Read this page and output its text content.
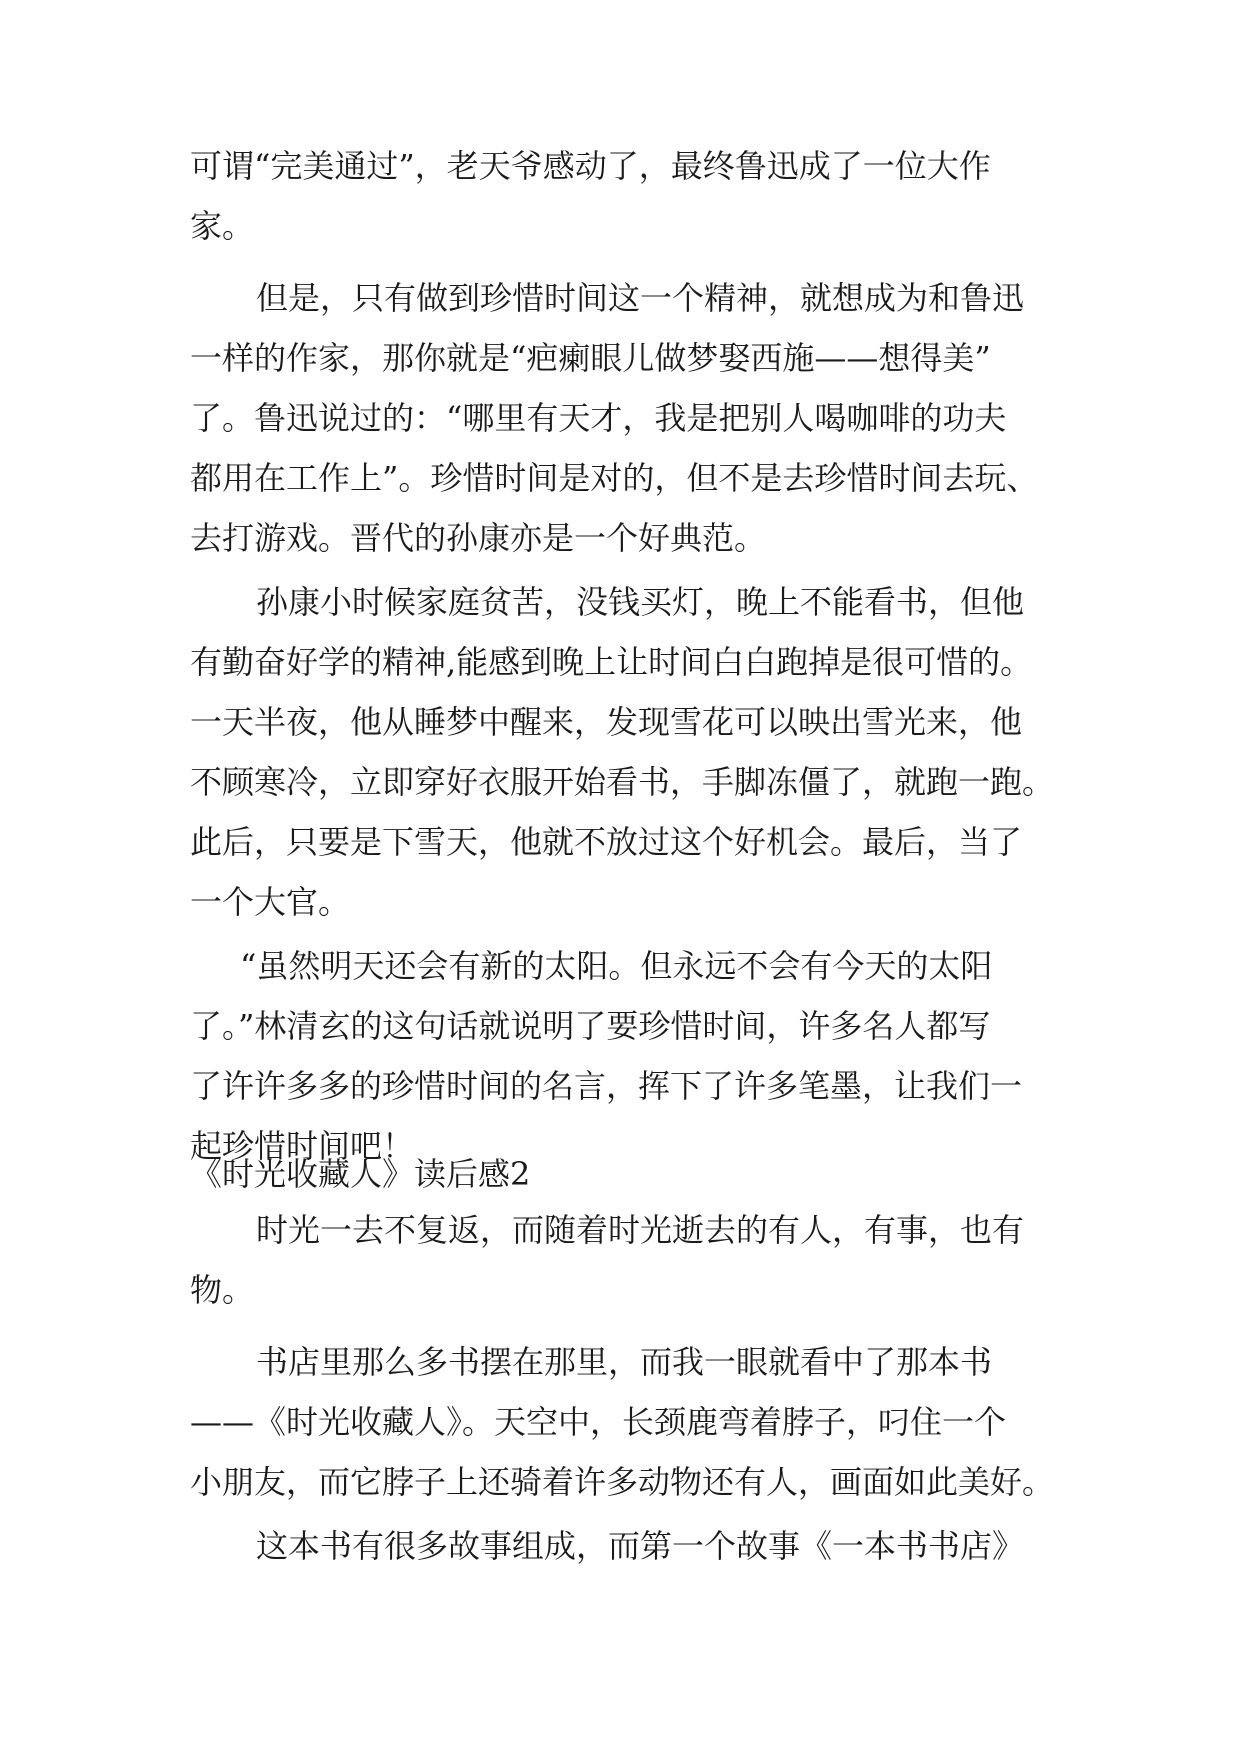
可谓“完美通过”，老天爷感动了，最终鲁迅成了一位大作
家。
但是，只有做到珍惜时间这一个精神，就想成为和鲁迅
一样的作家，那你就是“疤瘌眼儿做梦娶西施——想得美”
了。鲁迅说过的：“哪里有天才，我是把别人喝咖啡的功夫
都用在工作上”。珍惜时间是对的，但不是去珍惜时间去玩、
去打游戏。晋代的孙康亦是一个好典范。
孙康小时候家庭贫苦，没钱买灯，晚上不能看书，但他
有勤奋好学的精神,能感到晚上让时间白白跑掉是很可惜的。
一天半夜，他从睡梦中醒来，发现雪花可以映出雪光来，他
不顾寒冷，立即穿好衣服开始看书，手脚冻僵了，就跑一跑。
此后，只要是下雪天，他就不放过这个好机会。最后，当了
一个大官。
“虽然明天还会有新的太阳。但永远不会有今天的太阳
了。”林清玄的这句话就说明了要珍惜时间，许多名人都写
了许许多多的珍惜时间的名言，挥下了许多笔墨，让我们一
起珍惜时间吧！
《时光收藏人》读后感2
时光一去不复返，而随着时光逝去的有人，有事，也有
物。
书店里那么多书摆在那里，而我一眼就看中了那本书
——《时光收藏人》。天空中，长颈鹿弯着脖子，叼住一个
小朋友，而它脖子上还骑着许多动物还有人，画面如此美好。
这本书有很多故事组成，而第一个故事《一本书书店》
